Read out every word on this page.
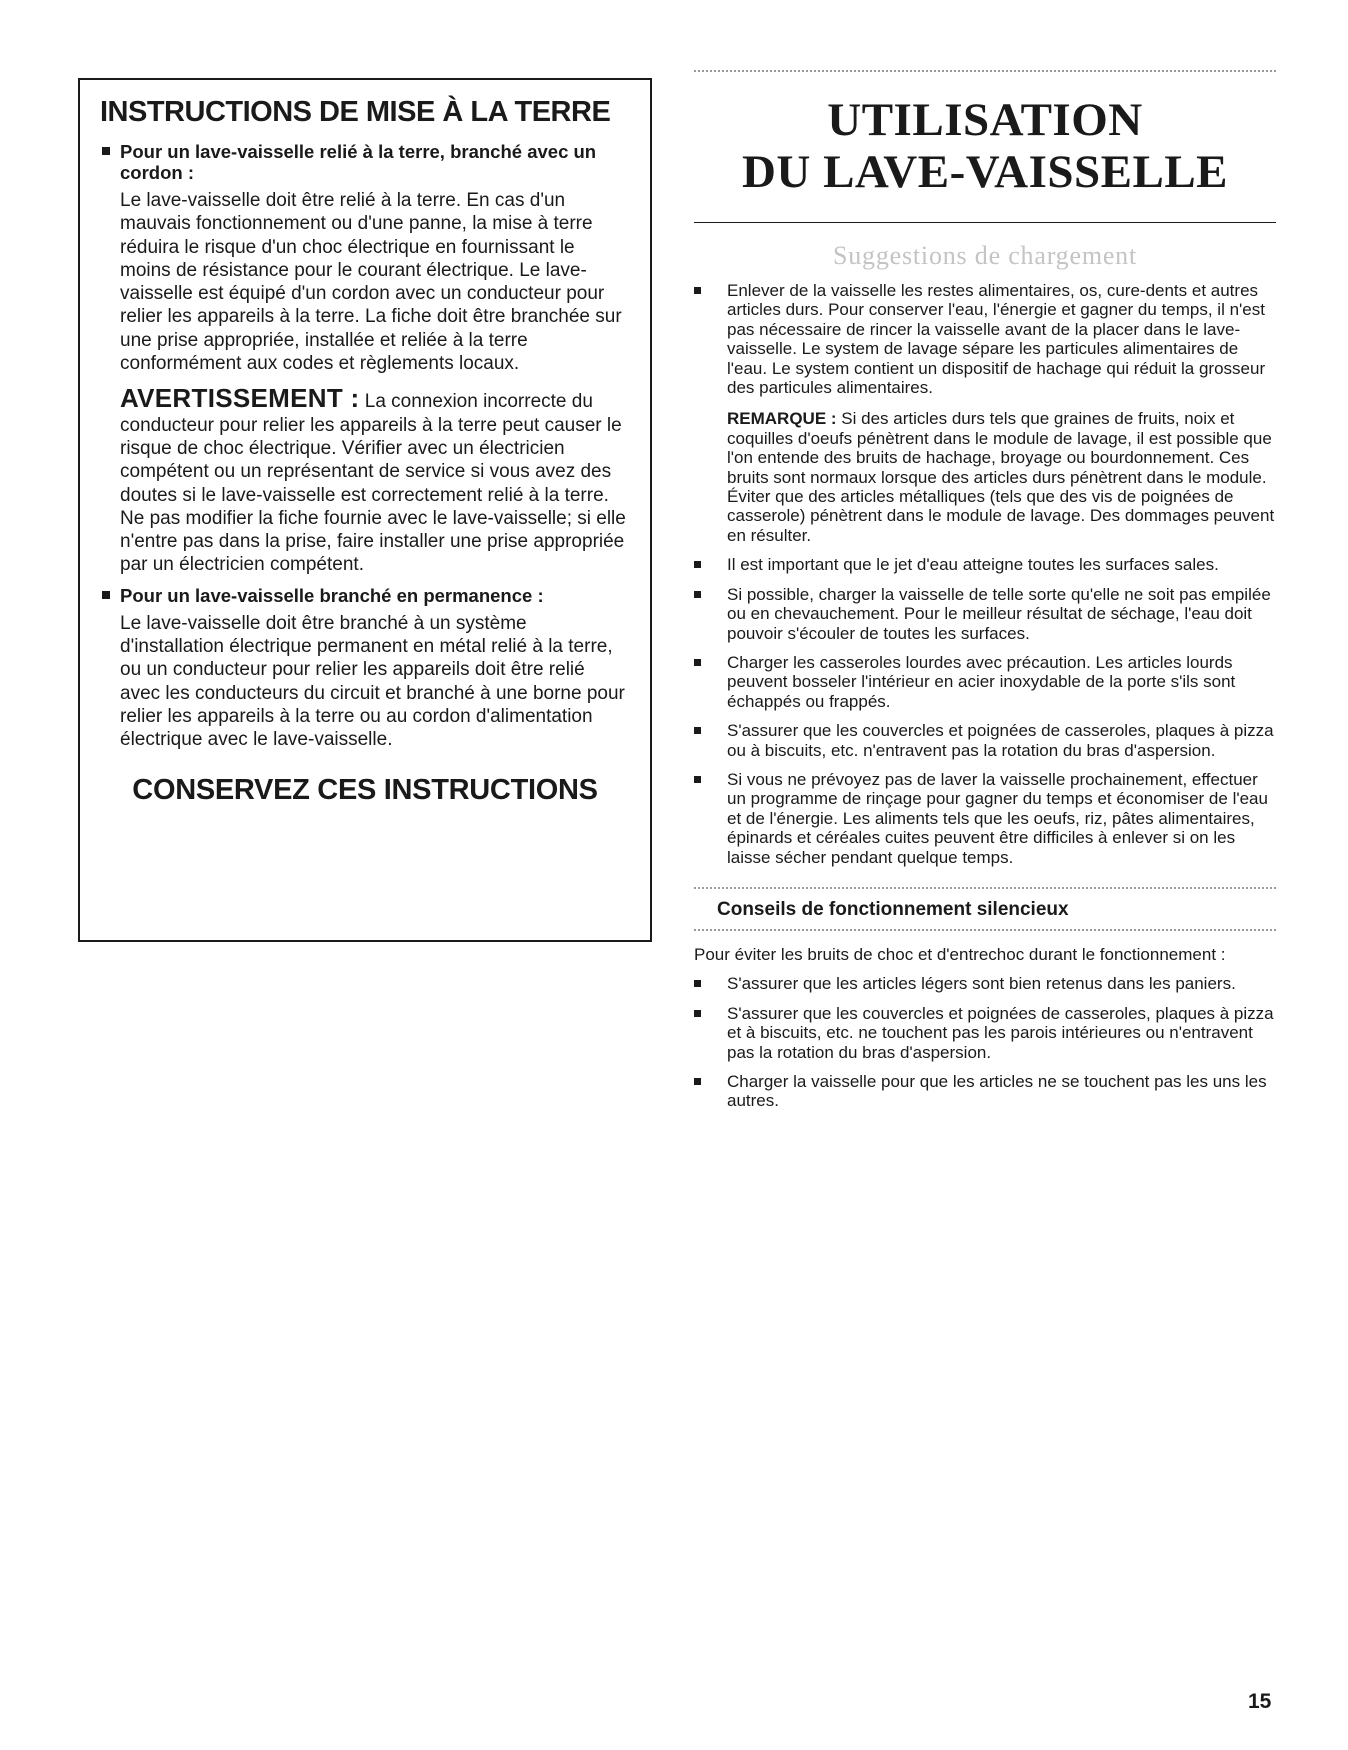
INSTRUCTIONS DE MISE À LA TERRE
Pour un lave-vaisselle relié à la terre, branché avec un cordon :
Le lave-vaisselle doit être relié à la terre. En cas d'un mauvais fonctionnement ou d'une panne, la mise à terre réduira le risque d'un choc électrique en fournissant le moins de résistance pour le courant électrique. Le lave-vaisselle est équipé d'un cordon avec un conducteur pour relier les appareils à la terre. La fiche doit être branchée sur une prise appropriée, installée et reliée à la terre conformément aux codes et règlements locaux.
AVERTISSEMENT : La connexion incorrecte du conducteur pour relier les appareils à la terre peut causer le risque de choc électrique. Vérifier avec un électricien compétent ou un représentant de service si vous avez des doutes si le lave-vaisselle est correctement relié à la terre. Ne pas modifier la fiche fournie avec le lave-vaisselle; si elle n'entre pas dans la prise, faire installer une prise appropriée par un électricien compétent.
Pour un lave-vaisselle branché en permanence :
Le lave-vaisselle doit être branché à un système d'installation électrique permanent en métal relié à la terre, ou un conducteur pour relier les appareils doit être relié avec les conducteurs du circuit et branché à une borne pour relier les appareils à la terre ou au cordon d'alimentation électrique avec le lave-vaisselle.
CONSERVEZ CES INSTRUCTIONS
UTILISATION
DU LAVE-VAISSELLE
Suggestions de chargement
Enlever de la vaisselle les restes alimentaires, os, cure-dents et autres articles durs. Pour conserver l'eau, l'énergie et gagner du temps, il n'est pas nécessaire de rincer la vaisselle avant de la placer dans le lave-vaisselle. Le system de lavage sépare les particules alimentaires de l'eau. Le system contient un dispositif de hachage qui réduit la grosseur des particules alimentaires.
REMARQUE : Si des articles durs tels que graines de fruits, noix et coquilles d'oeufs pénètrent dans le module de lavage, il est possible que l'on entende des bruits de hachage, broyage ou bourdonnement. Ces bruits sont normaux lorsque des articles durs pénètrent dans le module. Éviter que des articles métalliques (tels que des vis de poignées de casserole) pénètrent dans le module de lavage. Des dommages peuvent en résulter.
Il est important que le jet d'eau atteigne toutes les surfaces sales.
Si possible, charger la vaisselle de telle sorte qu'elle ne soit pas empilée ou en chevauchement. Pour le meilleur résultat de séchage, l'eau doit pouvoir s'écouler de toutes les surfaces.
Charger les casseroles lourdes avec précaution. Les articles lourds peuvent bosseler l'intérieur en acier inoxydable de la porte s'ils sont échappés ou frappés.
S'assurer que les couvercles et poignées de casseroles, plaques à pizza ou à biscuits, etc. n'entravent pas la rotation du bras d'aspersion.
Si vous ne prévoyez pas de laver la vaisselle prochainement, effectuer un programme de rinçage pour gagner du temps et économiser de l'eau et de l'énergie. Les aliments tels que les oeufs, riz, pâtes alimentaires, épinards et céréales cuites peuvent être difficiles à enlever si on les laisse sécher pendant quelque temps.
Conseils de fonctionnement silencieux
Pour éviter les bruits de choc et d'entrechoc durant le fonctionnement :
S'assurer que les articles légers sont bien retenus dans les paniers.
S'assurer que les couvercles et poignées de casseroles, plaques à pizza et à biscuits, etc. ne touchent pas les parois intérieures ou n'entravent pas la rotation du bras d'aspersion.
Charger la vaisselle pour que les articles ne se touchent pas les uns les autres.
15
